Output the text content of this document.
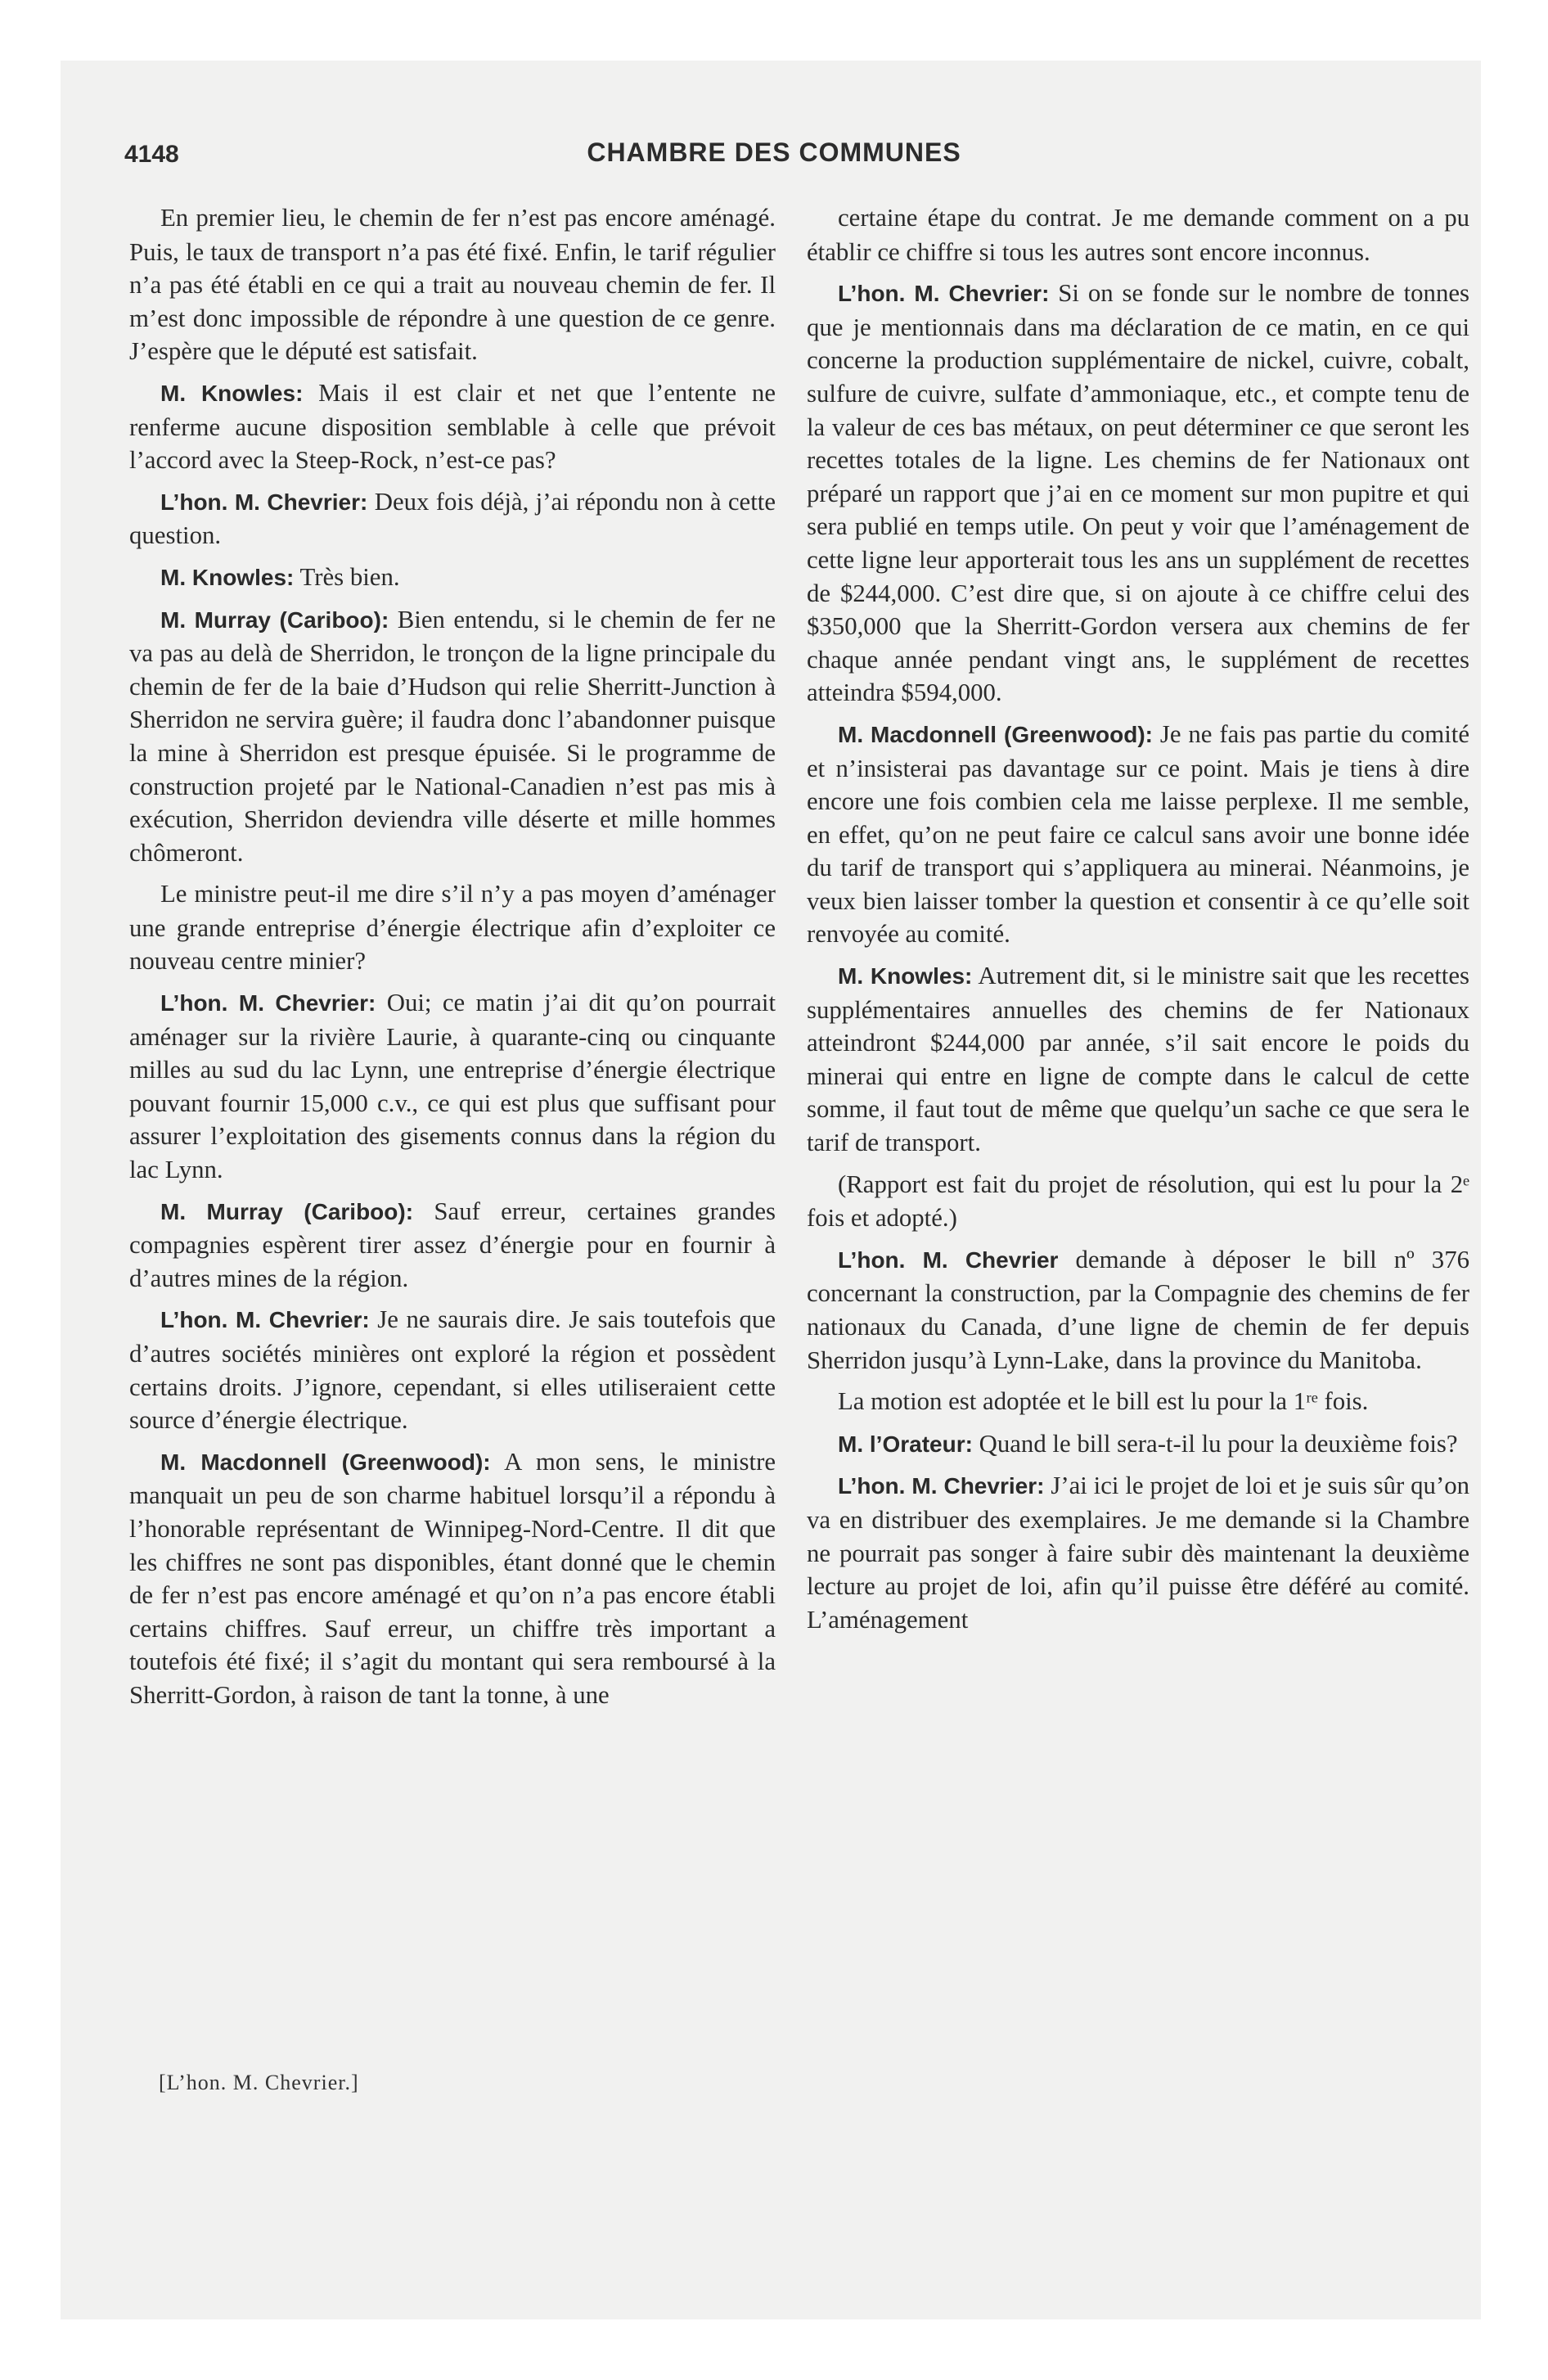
4148	CHAMBRE DES COMMUNES

En premier lieu, le chemin de fer n’est pas encore aménagé. Puis, le taux de transport n’a pas été fixé. Enfin, le tarif régulier n’a pas été établi en ce qui a trait au nouveau chemin de fer. Il m’est donc impossible de répondre à une question de ce genre. J’espère que le député est satisfait.

M. Knowles: Mais il est clair et net que l’entente ne renferme aucune disposition semblable à celle que prévoit l’accord avec la Steep-Rock, n’est-ce pas?

L’hon. M. Chevrier: Deux fois déjà, j’ai répondu non à cette question.

M. Knowles: Très bien.

M. Murray (Cariboo): Bien entendu, si le chemin de fer ne va pas au delà de Sherridon, le tronçon de la ligne principale du chemin de fer de la baie d’Hudson qui relie Sherritt-Junction à Sherridon ne servira guère; il faudra donc l’abandonner puisque la mine à Sherridon est presque épuisée. Si le programme de construction projeté par le National-Canadien n’est pas mis à exécution, Sherridon deviendra ville déserte et mille hommes chômeront.

Le ministre peut-il me dire s’il n’y a pas moyen d’aménager une grande entreprise d’énergie électrique afin d’exploiter ce nouveau centre minier?

L’hon. M. Chevrier: Oui; ce matin j’ai dit qu’on pourrait aménager sur la rivière Laurie, à quarante-cinq ou cinquante milles au sud du lac Lynn, une entreprise d’énergie électrique pouvant fournir 15,000 c.v., ce qui est plus que suffisant pour assurer l’exploitation des gisements connus dans la région du lac Lynn.

M. Murray (Cariboo): Sauf erreur, certaines grandes compagnies espèrent tirer assez d’énergie pour en fournir à d’autres mines de la région.

L’hon. M. Chevrier: Je ne saurais dire. Je sais toutefois que d’autres sociétés minières ont exploré la région et possèdent certains droits. J’ignore, cependant, si elles utiliseraient cette source d’énergie électrique.

M. Macdonnell (Greenwood): A mon sens, le ministre manquait un peu de son charme habituel lorsqu’il a répondu à l’honorable représentant de Winnipeg-Nord-Centre. Il dit que les chiffres ne sont pas disponibles, étant donné que le chemin de fer n’est pas encore aménagé et qu’on n’a pas encore établi certains chiffres. Sauf erreur, un chiffre très important a toutefois été fixé; il s’agit du montant qui sera remboursé à la Sherritt-Gordon, à raison de tant la tonne, à une

certaine étape du contrat. Je me demande comment on a pu établir ce chiffre si tous les autres sont encore inconnus.

L’hon. M. Chevrier: Si on se fonde sur le nombre de tonnes que je mentionnais dans ma déclaration de ce matin, en ce qui concerne la production supplémentaire de nickel, cuivre, cobalt, sulfure de cuivre, sulfate d’ammoniaque, etc., et compte tenu de la valeur de ces bas métaux, on peut déterminer ce que seront les recettes totales de la ligne. Les chemins de fer Nationaux ont préparé un rapport que j’ai en ce moment sur mon pupitre et qui sera publié en temps utile. On peut y voir que l’aménagement de cette ligne leur apporterait tous les ans un supplément de recettes de $244,000. C’est dire que, si on ajoute à ce chiffre celui des $350,000 que la Sherritt-Gordon versera aux chemins de fer chaque année pendant vingt ans, le supplément de recettes atteindra $594,000.

M. Macdonnell (Greenwood): Je ne fais pas partie du comité et n’insisterai pas davantage sur ce point. Mais je tiens à dire encore une fois combien cela me laisse perplexe. Il me semble, en effet, qu’on ne peut faire ce calcul sans avoir une bonne idée du tarif de transport qui s’appliquera au minerai. Néanmoins, je veux bien laisser tomber la question et consentir à ce qu’elle soit renvoyée au comité.

M. Knowles: Autrement dit, si le ministre sait que les recettes supplémentaires annuelles des chemins de fer Nationaux atteindront $244,000 par année, s’il sait encore le poids du minerai qui entre en ligne de compte dans le calcul de cette somme, il faut tout de même que quelqu’un sache ce que sera le tarif de transport.

(Rapport est fait du projet de résolution, qui est lu pour la 2ᵉ fois et adopté.)

L’hon. M. Chevrier demande à déposer le bill nº 376 concernant la construction, par la Compagnie des chemins de fer nationaux du Canada, d’une ligne de chemin de fer depuis Sherridon jusqu’à Lynn-Lake, dans la province du Manitoba.

La motion est adoptée et le bill est lu pour la 1ʳᵉ fois.

M. l’Orateur: Quand le bill sera-t-il lu pour la deuxième fois?

L’hon. M. Chevrier: J’ai ici le projet de loi et je suis sûr qu’on va en distribuer des exemplaires. Je me demande si la Chambre ne pourrait pas songer à faire subir dès maintenant la deuxième lecture au projet de loi, afin qu’il puisse être déféré au comité. L’aménagement

[L’hon. M. Chevrier.]
